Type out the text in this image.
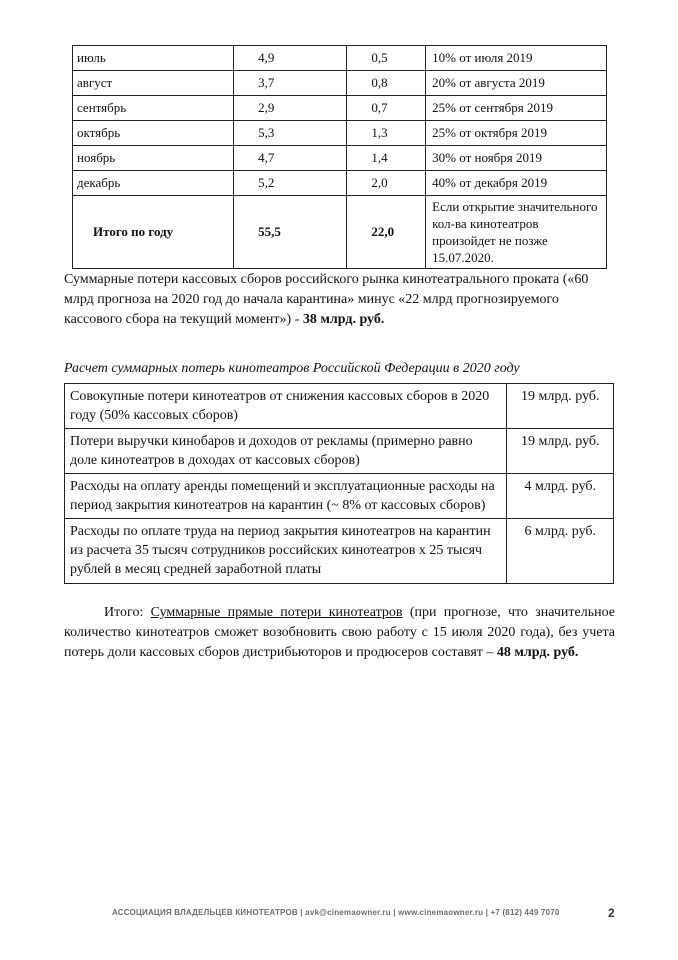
июль	4,9	0,5	10% от июля 2019
август	3,7	0,8	20% от августа 2019
сентябрь	2,9	0,7	25% от сентября 2019
октябрь	5,3	1,3	25% от октября 2019
ноябрь	4,7	1,4	30% от ноября 2019
декабрь	5,2	2,0	40% от декабря 2019
Итого по году	55,5	22,0	Если открытие значительного кол-ва кинотеатров произойдет не позже 15.07.2020.

Суммарные потери кассовых сборов российского рынка кинотеатрального проката («60 млрд прогноза на 2020 год до начала карантина» минус «22 млрд прогнозируемого кассового сбора на текущий момент») - 38 млрд. руб.

Расчет суммарных потерь кинотеатров Российской Федерации в 2020 году

Совокупные потери кинотеатров от снижения кассовых сборов в 2020 году (50% кассовых сборов)	19 млрд. руб.
Потери выручки кинобаров и доходов от рекламы (примерно равно доле кинотеатров в доходах от кассовых сборов)	19 млрд. руб.
Расходы на оплату аренды помещений и эксплуатационные расходы на период закрытия кинотеатров на карантин (~ 8% от кассовых сборов)	4 млрд. руб.
Расходы по оплате труда на период закрытия кинотеатров на карантин из расчета 35 тысяч сотрудников российских кинотеатров х 25 тысяч рублей в месяц средней заработной платы	6 млрд. руб.

Итого: Суммарные прямые потери кинотеатров (при прогнозе, что значительное количество кинотеатров сможет возобновить свою работу с 15 июля 2020 года), без учета потерь доли кассовых сборов дистрибьюторов и продюсеров составят – 48 млрд. руб.

АССОЦИАЦИЯ ВЛАДЕЛЬЦЕВ КИНОТЕАТРОВ | avk@cinemaowner.ru | www.cinemaowner.ru | +7 (812) 449 7070	2
